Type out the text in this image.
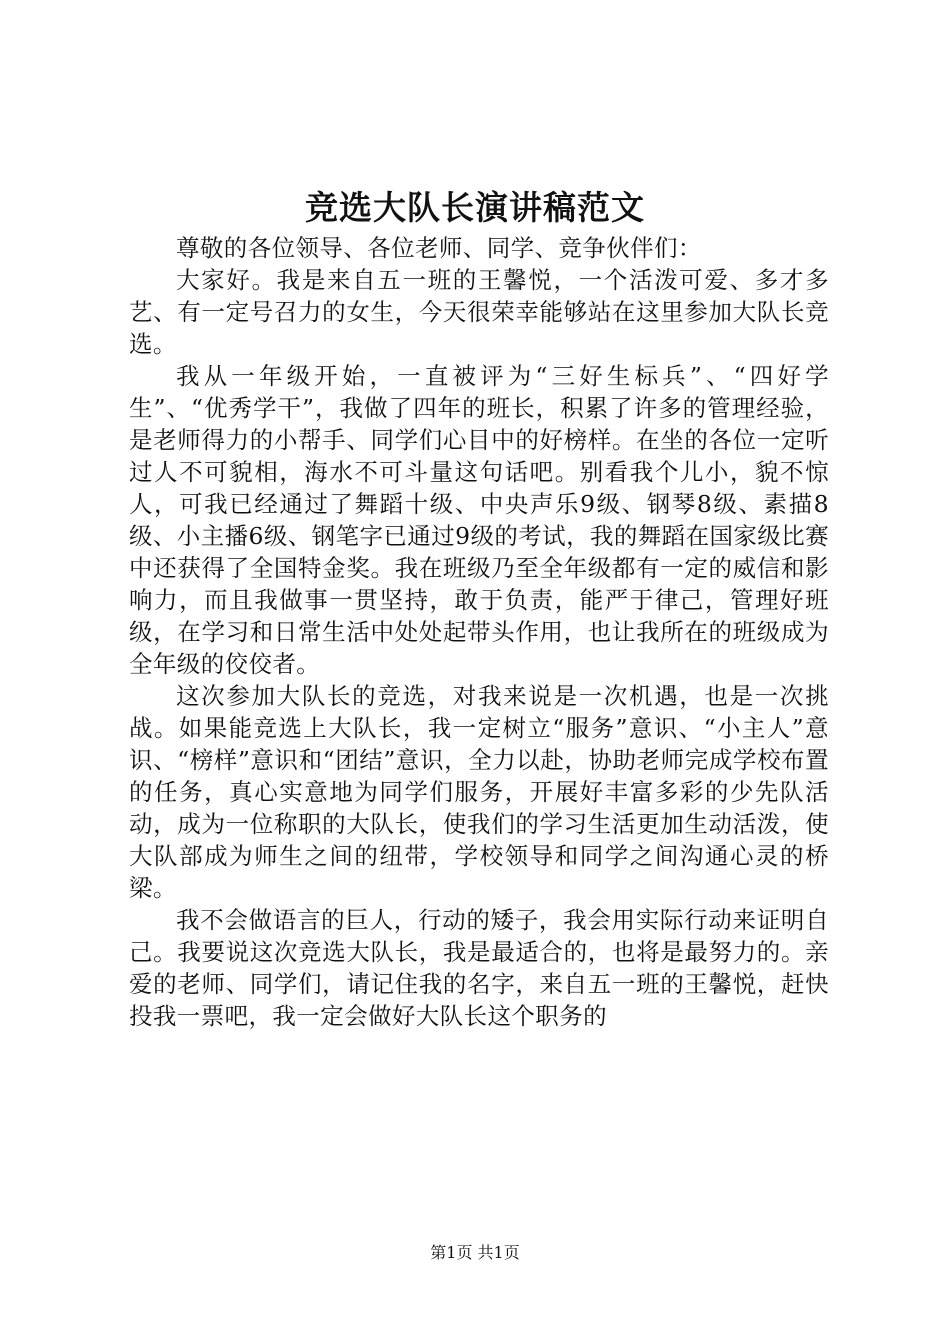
竞选大队长演讲稿范文

尊敬的各位领导、各位老师、同学、竞争伙伴们：

大家好。我是来自五一班的王馨悦，一个活泼可爱、多才多艺、有一定号召力的女生，今天很荣幸能够站在这里参加大队长竞选。

我从一年级开始，一直被评为“三好生标兵”、“四好学生”、“优秀学干”，我做了四年的班长，积累了许多的管理经验，是老师得力的小帮手、同学们心目中的好榜样。在坐的各位一定听过人不可貌相，海水不可斗量这句话吧。别看我个儿小，貌不惊人，可我已经通过了舞蹈十级、中央声乐9级、钢琴8级、素描8级、小主播6级、钢笔字已通过9级的考试，我的舞蹈在国家级比赛中还获得了全国特金奖。我在班级乃至全年级都有一定的威信和影响力，而且我做事一贯坚持，敢于负责，能严于律己，管理好班级，在学习和日常生活中处处起带头作用，也让我所在的班级成为全年级的佼佼者。

这次参加大队长的竞选，对我来说是一次机遇，也是一次挑战。如果能竞选上大队长，我一定树立“服务”意识、“小主人”意识、“榜样”意识和“团结”意识，全力以赴，协助老师完成学校布置的任务，真心实意地为同学们服务，开展好丰富多彩的少先队活动，成为一位称职的大队长，使我们的学习生活更加生动活泼，使大队部成为师生之间的纽带，学校领导和同学之间沟通心灵的桥梁。

我不会做语言的巨人，行动的矮子，我会用实际行动来证明自己。我要说这次竞选大队长，我是最适合的，也将是最努力的。亲爱的老师、同学们，请记住我的名字，来自五一班的王馨悦，赶快投我一票吧，我一定会做好大队长这个职务的

第1页 共1页
